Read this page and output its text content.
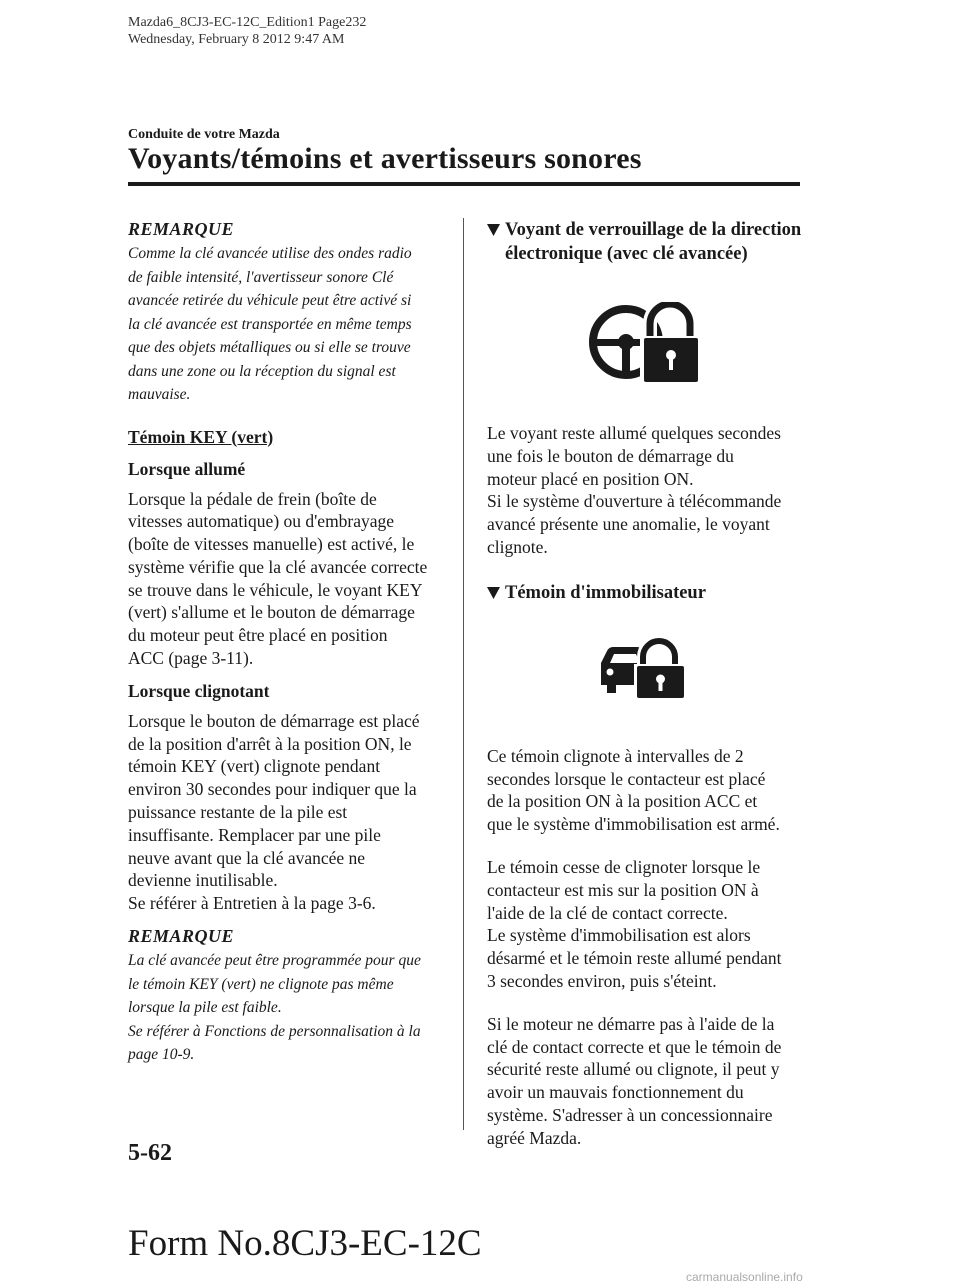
Mazda6_8CJ3-EC-12C_Edition1 Page232
Wednesday, February 8 2012 9:47 AM
Conduite de votre Mazda
Voyants/témoins et avertisseurs sonores

REMARQUE

Comme la clé avancée utilise des ondes radio
de faible intensité, l'avertisseur sonore Clé
avancée retirée du véhicule peut être activé si
la clé avancée est transportée en même temps
que des objets métalliques ou si elle se trouve
dans une zone ou la réception du signal est
mauvaise.
Témoin KEY (vert)

Lorsque allumé

Lorsque la pédale de frein (boîte de
vitesses automatique) ou d'embrayage
(boîte de vitesses manuelle) est activé, le
système vérifie que la clé avancée correcte
se trouve dans le véhicule, le voyant KEY
(vert) s'allume et le bouton de démarrage
du moteur peut être placé en position
ACC (page 3-11).

Lorsque clignotant

Lorsque le bouton de démarrage est placé
de la position d'arrêt à la position ON, le
témoin KEY (vert) clignote pendant
environ 30 secondes pour indiquer que la
puissance restante de la pile est
insuffisante. Remplacer par une pile
neuve avant que la clé avancée ne
devienne inutilisable.
Se référer à Entretien à la page 3-6.

REMARQUE

La clé avancée peut être programmée pour que
le témoin KEY (vert) ne clignote pas même
lorsque la pile est faible.
Se référer à Fonctions de personnalisation à la
page 10-9.
Voyant de verrouillage de la direction
électronique (avec clé avancée)
Le voyant reste allumé quelques secondes
une fois le bouton de démarrage du
moteur placé en position ON.
Si le système d'ouverture à télécommande
avancé présente une anomalie, le voyant
clignote.
Témoin d'immobilisateur
Ce témoin clignote à intervalles de 2
secondes lorsque le contacteur est placé
de la position ON à la position ACC et
que le système d'immobilisation est armé.
Le témoin cesse de clignoter lorsque le
contacteur est mis sur la position ON à
l'aide de la clé de contact correcte.
Le système d'immobilisation est alors
désarmé et le témoin reste allumé pendant
3 secondes environ, puis s'éteint.
Si le moteur ne démarre pas à l'aide de la
clé de contact correcte et que le témoin de
sécurité reste allumé ou clignote, il peut y
avoir un mauvais fonctionnement du
système. S'adresser à un concessionnaire
agréé Mazda.
5-62
Form No.8CJ3-EC-12C
carmanualsonline.info
